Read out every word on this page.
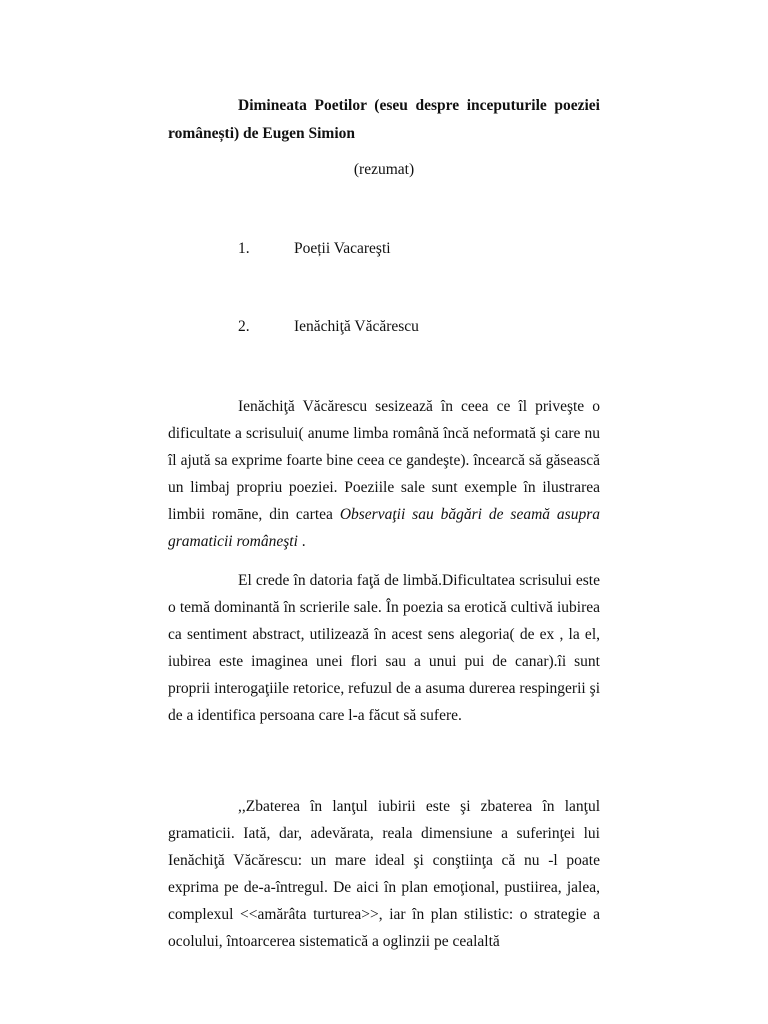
Dimineata Poetilor (eseu despre inceputurile poeziei românești) de Eugen Simion
(rezumat)
1.	Poeții Vacareşti
2.	Ienăchiţă Văcărescu

Ienăchiţă Văcărescu sesizează în ceea ce îl priveşte o dificultate a scrisului( anume limba română încă neformată şi care nu îl ajută sa exprime foarte bine ceea ce gandeşte). încearcă să găsească un limbaj propriu poeziei. Poeziile sale sunt exemple în ilustrarea limbii romāne, din cartea Observaţii sau băgări de seamă asupra gramaticii româneşti .

El crede în datoria faţă de limbă.Dificultatea scrisului este o temă dominantă în scrierile sale. În poezia sa erotică cultivă iubirea ca sentiment abstract, utilizează în acest sens alegoria( de ex , la el, iubirea este imaginea unei flori sau a unui pui de canar).îi sunt proprii interogaţiile retorice, refuzul de a asuma durerea respingerii şi de a identifica persoana care l-a făcut să sufere.

,,Zbaterea în lanţul iubirii este şi zbaterea în lanţul gramaticii. Iată, dar, adevărata, reala dimensiune a suferinţei lui Ienăchiţă Văcărescu: un mare ideal şi conştiinţa că nu -l poate exprima pe de-a-întregul. De aici în plan emoţional, pustiirea, jalea, complexul <<amărâta turturea>>, iar în plan stilistic: o strategie a ocolului, întoarcerea sistematică a oglinzii pe cealaltă
